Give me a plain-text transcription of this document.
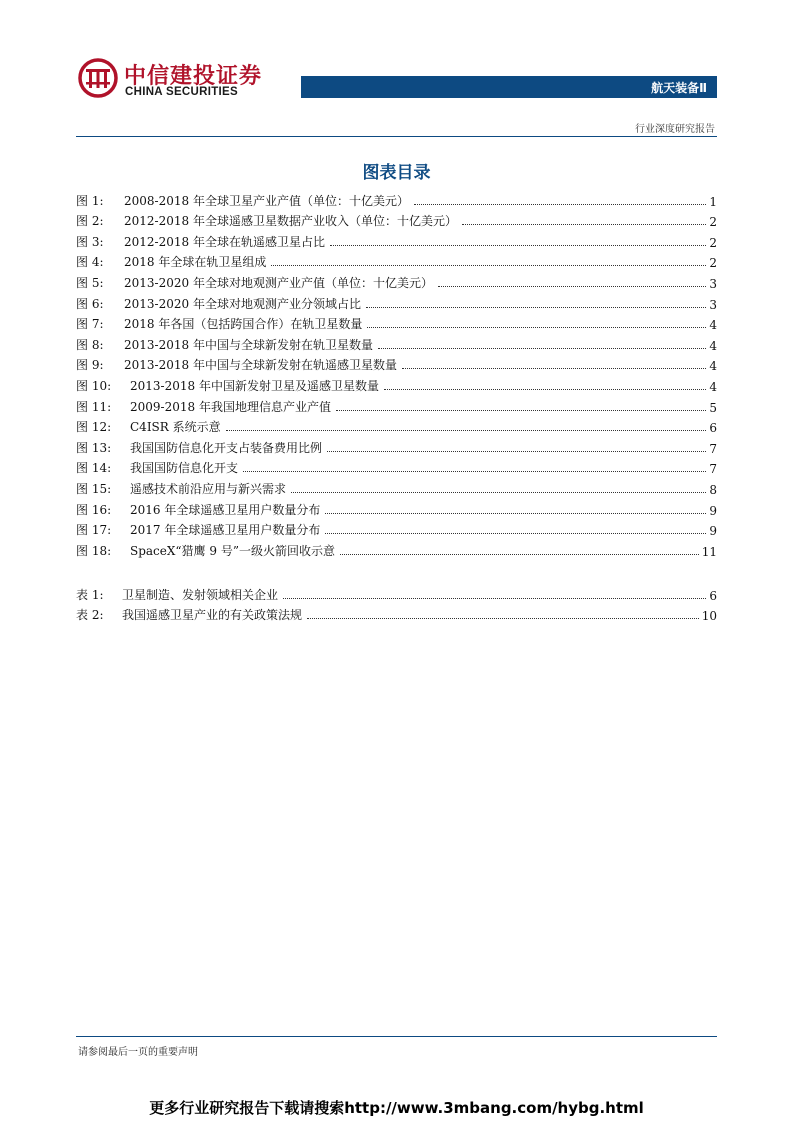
中信建投证券
CHINA SECURITIES	航天装备Ⅱ
行业深度研究报告
图表目录
图 1:	2008-2018 年全球卫星产业产值（单位：十亿美元）	1
图 2:	2012-2018 年全球遥感卫星数据产业收入（单位：十亿美元）	2
图 3:	2012-2018 年全球在轨遥感卫星占比	2
图 4:	2018 年全球在轨卫星组成	2
图 5:	2013-2020 年全球对地观测产业产值（单位：十亿美元）	3
图 6:	2013-2020 年全球对地观测产业分领域占比	3
图 7:	2018 年各国（包括跨国合作）在轨卫星数量	4
图 8:	2013-2018 年中国与全球新发射在轨卫星数量	4
图 9:	2013-2018 年中国与全球新发射在轨遥感卫星数量	4
图 10:	2013-2018 年中国新发射卫星及遥感卫星数量	4
图 11:	2009-2018 年我国地理信息产业产值	5
图 12:	C4ISR 系统示意	6
图 13:	我国国防信息化开支占装备费用比例	7
图 14:	我国国防信息化开支	7
图 15:	遥感技术前沿应用与新兴需求	8
图 16:	2016 年全球遥感卫星用户数量分布	9
图 17:	2017 年全球遥感卫星用户数量分布	9
图 18:	SpaceX“猎鹰 9 号”一级火箭回收示意	11
表 1:	卫星制造、发射领域相关企业	6
表 2:	我国遥感卫星产业的有关政策法规	10
请参阅最后一页的重要声明
更多行业研究报告下载请搜索http://www.3mbang.com/hybg.html
